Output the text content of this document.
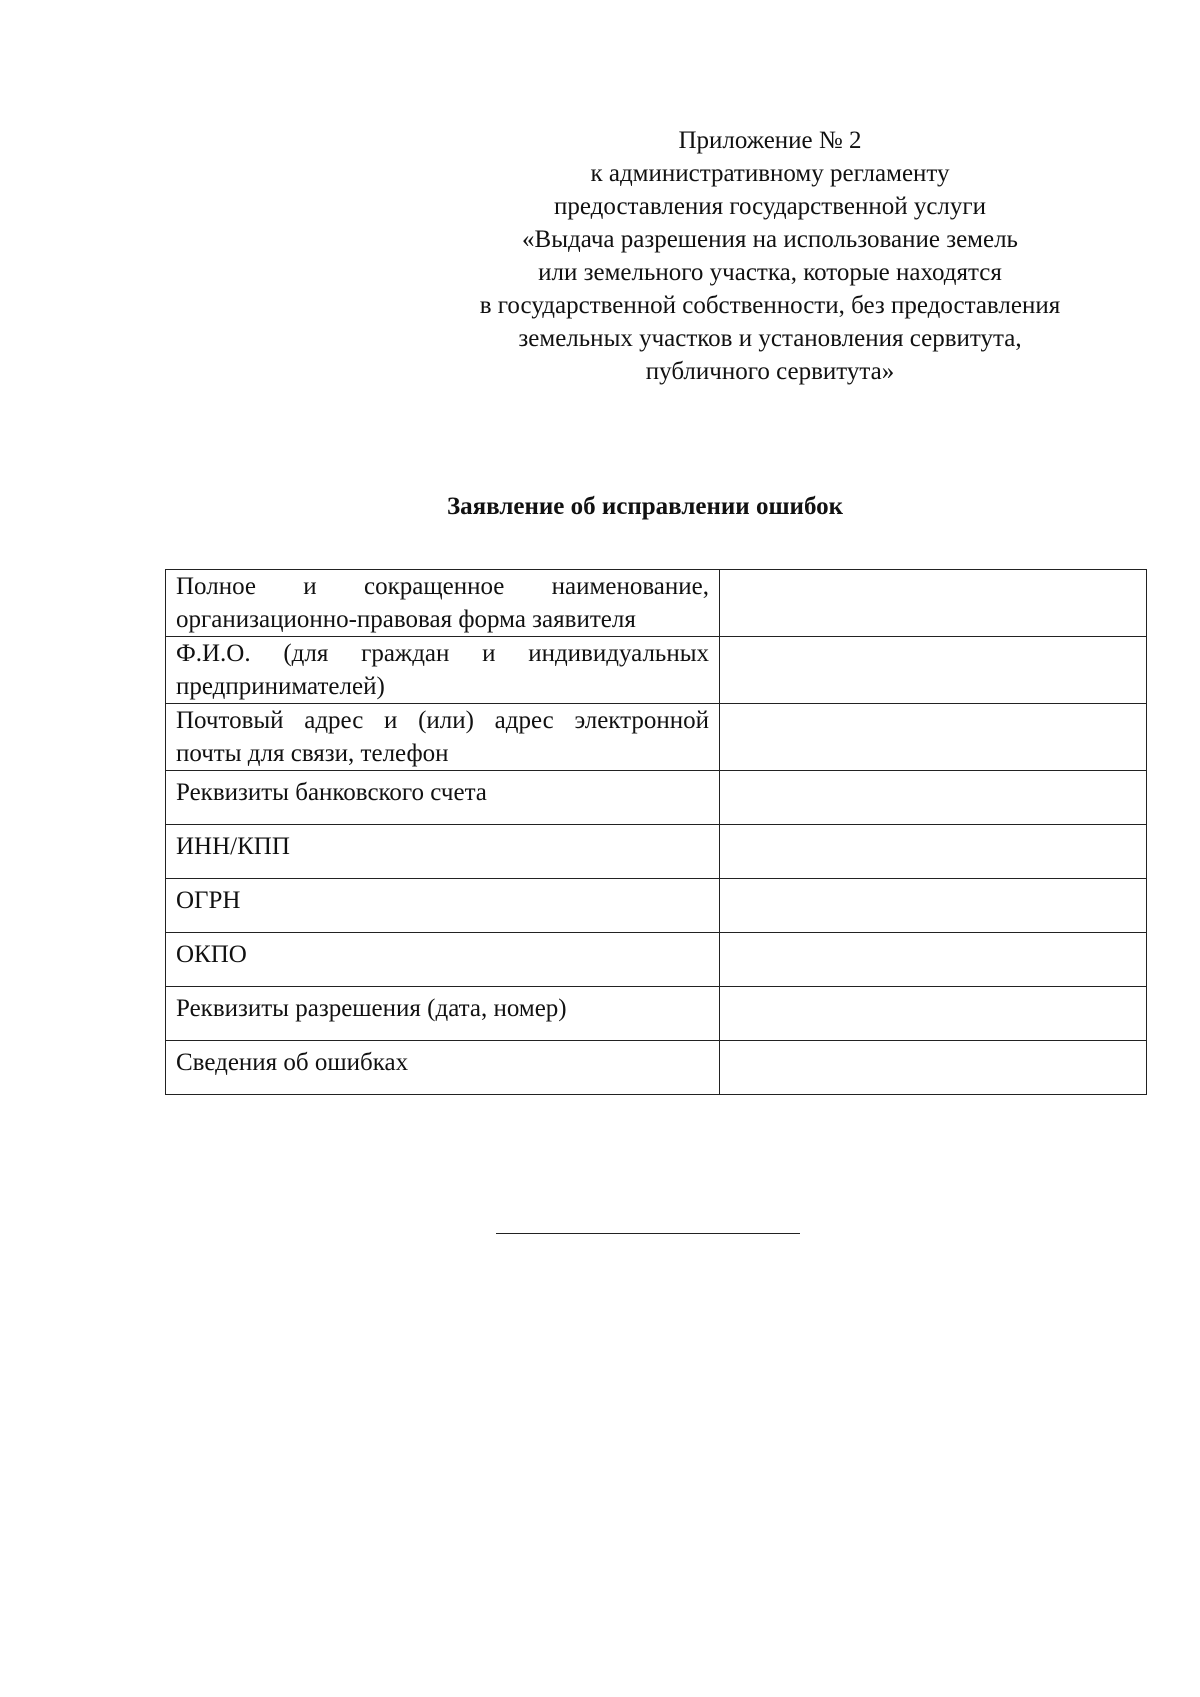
Приложение № 2
к административному регламенту
предоставления государственной услуги
«Выдача разрешения на использование земель
или земельного участка, которые находятся
в государственной собственности, без предоставления
земельных участков и установления сервитута,
публичного сервитута»
Заявление об исправлении ошибок
Полное и сокращенное наименование,
организационно-правовая форма заявителя	

Ф.И.О. (для граждан и индивидуальных
предпринимателей)	

Почтовый адрес и (или) адрес электронной
почты для связи, телефон	

Реквизиты банковского счета	

ИНН/КПП	

ОГРН	

ОКПО	

Реквизиты разрешения (дата, номер)	

Сведения об ошибках	
